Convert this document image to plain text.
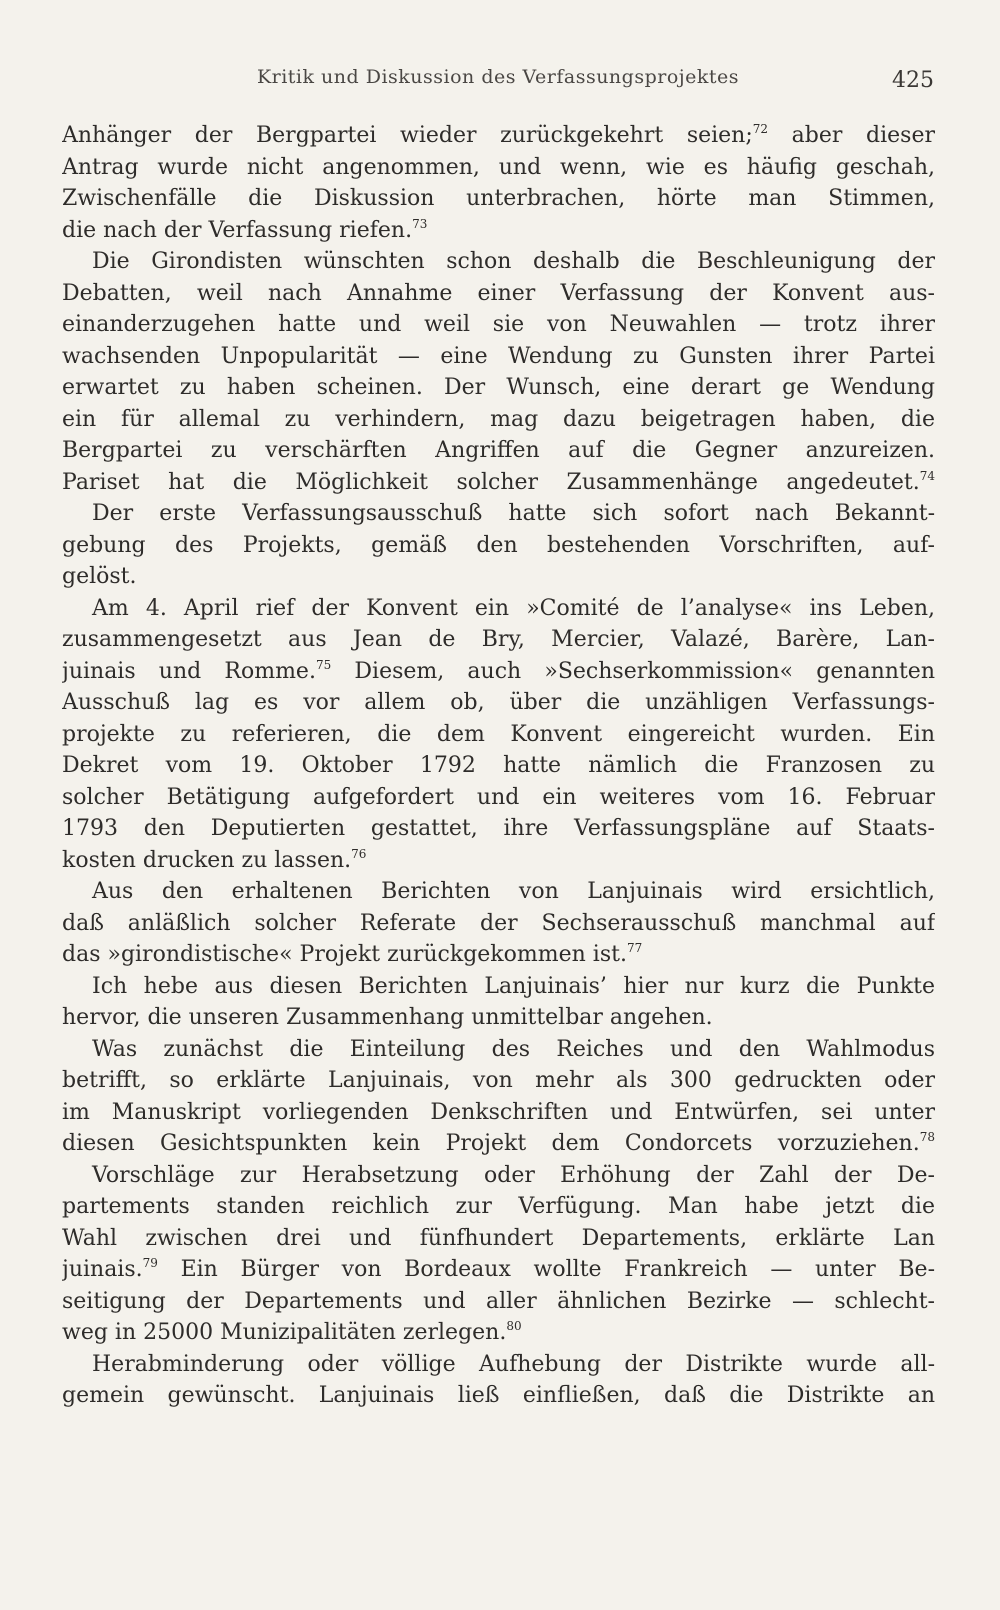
Kritik und Diskussion des Verfassungsprojektes	425
Anhänger der Bergpartei wieder zurückgekehrt seien;$^{72}$ aber dieser
Antrag wurde nicht angenommen, und wenn, wie es häufig geschah,
Zwischenfälle die Diskussion unterbrachen, hörte man Stimmen,
die nach der Verfassung riefen.$^{73}$
Die Girondisten wünschten schon deshalb die Beschleunigung der
Debatten, weil nach Annahme einer Verfassung der Konvent aus-
einanderzugehen hatte und weil sie von Neuwahlen — trotz ihrer
wachsenden Unpopularität — eine Wendung zu Gunsten ihrer Partei
erwartet zu haben scheinen. Der Wunsch, eine derart ge Wendung
ein für allemal zu verhindern, mag dazu beigetragen haben, die
Bergpartei zu verschärften Angriffen auf die Gegner anzureizen.
Pariset hat die Möglichkeit solcher Zusammenhänge angedeutet.$^{74}$
Der erste Verfassungsausschuß hatte sich sofort nach Bekannt-
gebung des Projekts, gemäß den bestehenden Vorschriften, auf-
gelöst.
Am 4. April rief der Konvent ein »Comité de l’analyse« ins Leben,
zusammengesetzt aus Jean de Bry, Mercier, Valazé, Barère, Lan-
juinais und Romme.$^{75}$ Diesem, auch »Sechserkommission« genannten
Ausschuß lag es vor allem ob, über die unzähligen Verfassungs-
projekte zu referieren, die dem Konvent eingereicht wurden. Ein
Dekret vom 19. Oktober 1792 hatte nämlich die Franzosen zu
solcher Betätigung aufgefordert und ein weiteres vom 16. Februar
1793 den Deputierten gestattet, ihre Verfassungspläne auf Staats-
kosten drucken zu lassen.$^{76}$
Aus den erhaltenen Berichten von Lanjuinais wird ersichtlich,
daß anläßlich solcher Referate der Sechserausschuß manchmal auf
das »girondistische« Projekt zurückgekommen ist.$^{77}$
Ich hebe aus diesen Berichten Lanjuinais’ hier nur kurz die Punkte
hervor, die unseren Zusammenhang unmittelbar angehen.
Was zunächst die Einteilung des Reiches und den Wahlmodus
betrifft, so erklärte Lanjuinais, von mehr als 300 gedruckten oder
im Manuskript vorliegenden Denkschriften und Entwürfen, sei unter
diesen Gesichtspunkten kein Projekt dem Condorcets vorzuziehen.$^{78}$
Vorschläge zur Herabsetzung oder Erhöhung der Zahl der De-
partements standen reichlich zur Verfügung. Man habe jetzt die
Wahl zwischen drei und fünfhundert Departements, erklärte Lan
juinais.$^{79}$ Ein Bürger von Bordeaux wollte Frankreich — unter Be-
seitigung der Departements und aller ähnlichen Bezirke — schlecht-
weg in 25000 Munizipalitäten zerlegen.$^{80}$
Herabminderung oder völlige Aufhebung der Distrikte wurde all-
gemein gewünscht. Lanjuinais ließ einfließen, daß die Distrikte an
